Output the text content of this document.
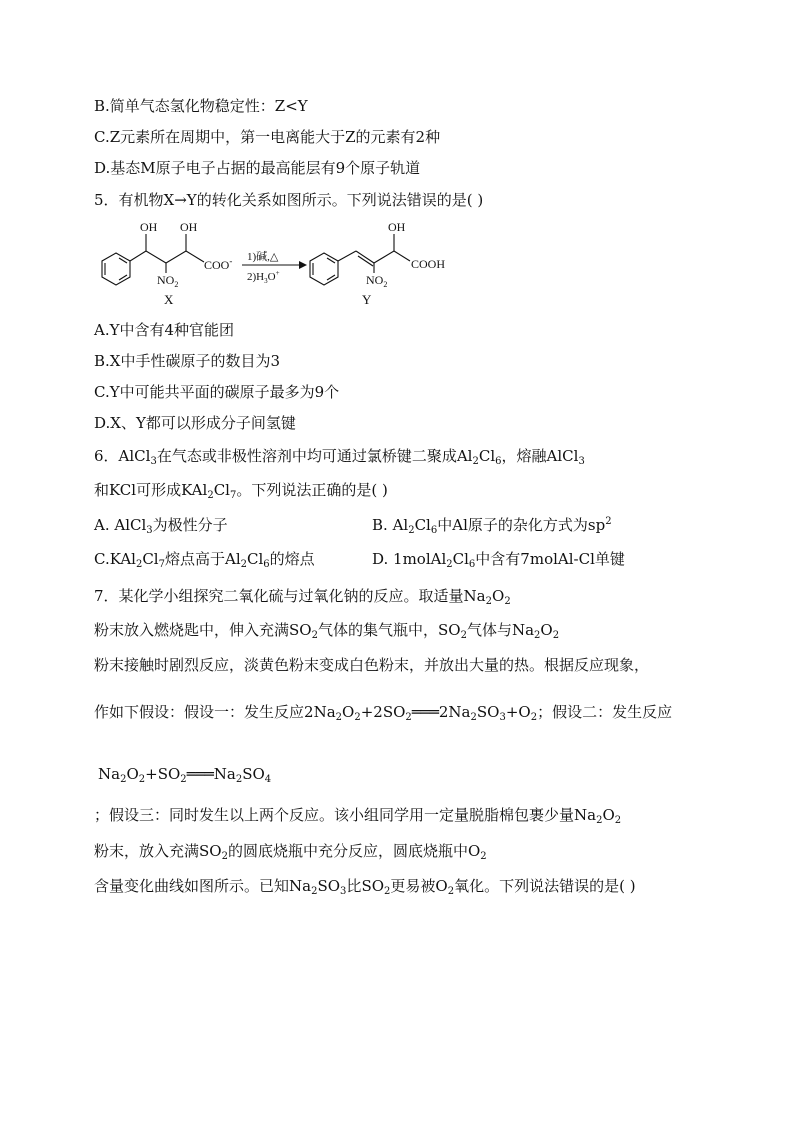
B.简单气态氢化物稳定性：Z<Y
C.Z元素所在周期中，第一电离能大于Z的元素有2种
D.基态M原子电子占据的最高能层有9个原子轨道
5．有机物X→Y的转化关系如图所示。下列说法错误的是( )
OH OH
$NO_2$
COO- 1)碱,△
$2)H_3O^+$
OH
$NO_2$
COOH
X	Y
A.Y中含有4种官能团
B.X中手性碳原子的数目为3
C.Y中可能共平面的碳原子最多为9个
D.X、Y都可以形成分子间氢键
6．AlCl$_3$在气态或非极性溶剂中均可通过氯桥键二聚成$Al_2Cl_6$，熔融AlCl$_3$
和KCl可形成$KAl_2Cl_7$。下列说法正确的是( )
A. AlCl$_3$为极性分子	B. $Al_2Cl_6$中Al原子的杂化方式为$sp^2$
$C.KAl_2Cl_7$熔点高于$Al_2Cl_6$的熔点	D. $1molAl_2Cl_6$中含有7molAl-Cl单键
7．某化学小组探究二氧化硫与过氧化钠的反应。取适量$Na_2O_2$
粉末放入燃烧匙中，伸入充满$SO_2$气体的集气瓶中，$SO_2$气体与$Na_2O_2$
粉末接触时剧烈反应，淡黄色粉末变成白色粉末，并放出大量的热。根据反应现象，
作如下假设：假设一：发生反应$2Na_2O_2+2SO_2═══2Na_2SO_3+O_2$；假设二：发生反应
$Na_2O_2+SO_2═══Na_2SO_4$
；假设三：同时发生以上两个反应。该小组同学用一定量脱脂棉包裹少量$Na_2O_2$
粉末，放入充满$SO_2$的圆底烧瓶中充分反应，圆底烧瓶中$O_2$
含量变化曲线如图所示。已知$Na_2SO_3$比$SO_2$更易被$O_2$氧化。下列说法错误的是( )
